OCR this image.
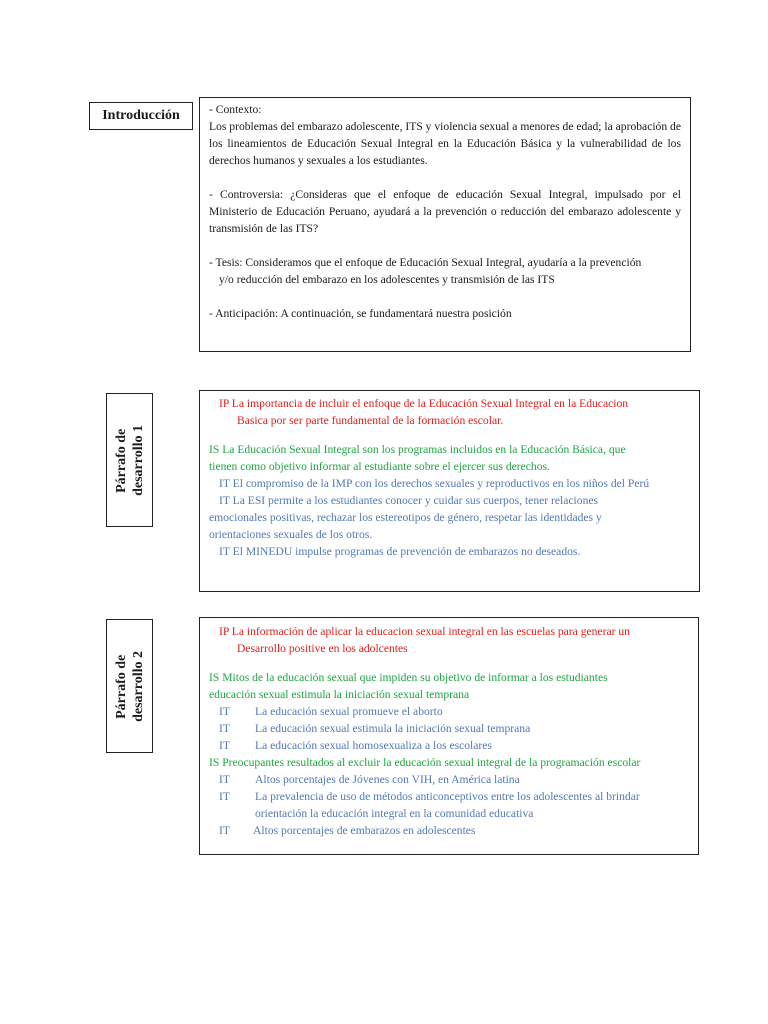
Introducción	- Contexto:

Los problemas del embarazo adolescente, ITS y violencia sexual a menores de edad; la aprobación de los lineamientos de Educación Sexual Integral en la Educación Básica y la vulnerabilidad de los derechos humanos y sexuales a los estudiantes.

- Controversia: ¿Consideras que el enfoque de educación Sexual Integral, impulsado por el Ministerio de Educación Peruano, ayudará a la prevención o reducción del embarazo adolescente y transmisión de las ITS?

- Tesis: Consideramos que el enfoque de Educación Sexual Integral, ayudaría a la prevención

y/o reducción del embarazo en los adolescentes y transmisión de las ITS

- Anticipación: A continuación, se fundamentará nuestra posición

Párrafo de desarrollo 1

IP La importancia de incluir el enfoque de la Educación Sexual Integral en la Educacion

Basica por ser parte fundamental de la formación escolar.

IS La Educación Sexual Integral son los programas incluidos en la Educación Básica, que

tienen como objetivo informar al estudiante sobre el ejercer sus derechos.

IT El compromiso de la IMP con los derechos sexuales y reproductivos en los niños del Perú

IT La ESI permite a los estudiantes conocer y cuidar sus cuerpos, tener relaciones

emocionales positivas, rechazar los estereotipos de género, respetar las identidades y

orientaciones sexuales de los otros.

IT El MINEDU impulse programas de prevención de embarazos no deseados.

Párrafo de desarrollo 2

IP La información de aplicar la educacion sexual integral en las escuelas para generar un

Desarrollo positive en los adolcentes

IS Mitos de la educación sexual que impiden su objetivo de informar a los estudiantes

educación sexual estimula la iniciación sexual temprana

IT	La educación sexual promueve el aborto
IT	La educación sexual estimula la iniciación sexual temprana
IT	La educación sexual homosexualiza a los escolares

IS Preocupantes resultados al excluir la educación sexual integral de la programación escolar

IT	Altos porcentajes de Jóvenes con VIH, en América latina
IT	La prevalencia de uso de métodos anticonceptivos entre los adolescentes al brindar
orientación la educación integral en la comunidad educativa
IT	Altos porcentajes de embarazos en adolescentes
